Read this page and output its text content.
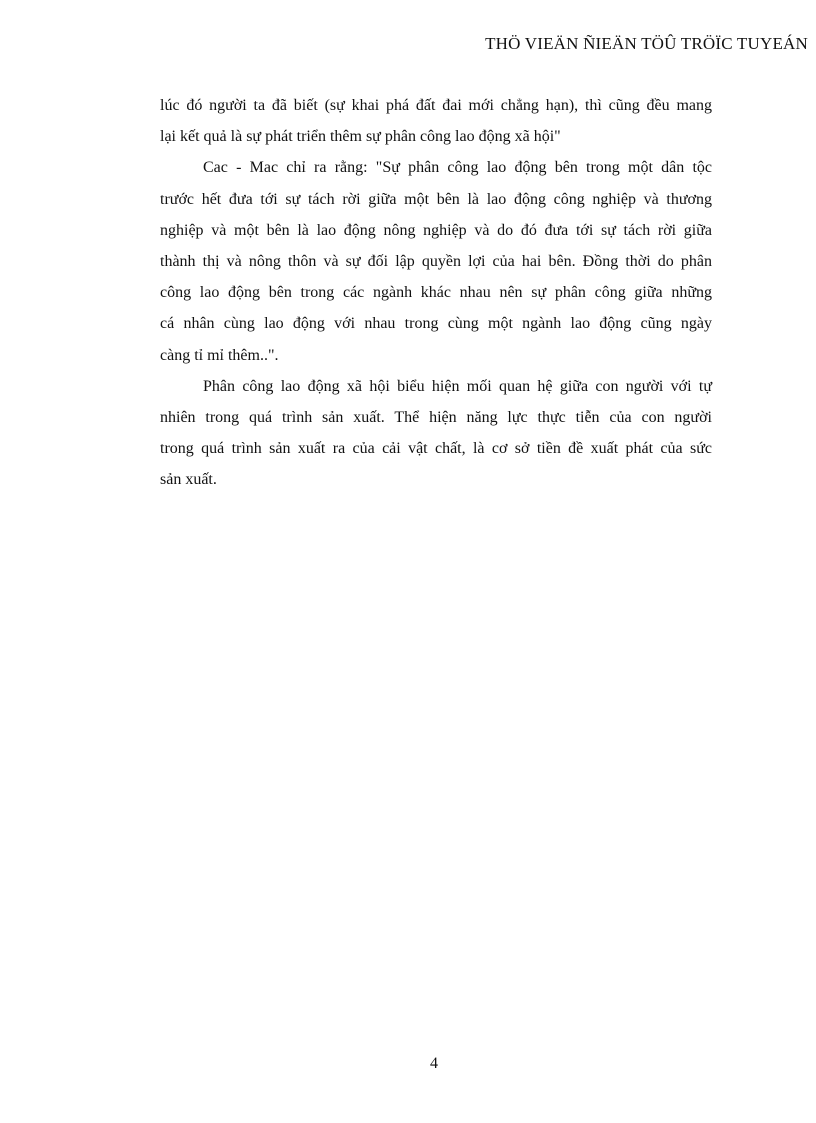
THÖ VIEÄN ÑIEÄN TÖÛ TRÖÏC TUYEÁN
lúc đó người ta đã biết (sự khai phá đất đai mới chẳng hạn), thì cũng đều mang
lại kết quả là sự phát triển thêm sự phân công lao động xã hội"
Cac - Mac chỉ ra rằng: "Sự phân công lao động bên trong một dân tộc
trước hết đưa tới sự tách rời giữa một bên là lao động công nghiệp và thương
nghiệp và một bên là lao động nông nghiệp và do đó đưa tới sự tách rời giữa
thành thị và nông thôn và sự đối lập quyền lợi của hai bên. Đồng thời do phân
công lao động bên trong các ngành khác nhau nên sự phân công giữa những
cá nhân cùng lao động với nhau trong cùng một ngành lao động cũng ngày
càng tỉ mỉ thêm..".
Phân công lao động xã hội biểu hiện mối quan hệ giữa con người với tự
nhiên trong quá trình sản xuất. Thể hiện năng lực thực tiễn của con người
trong quá trình sản xuất ra của cải vật chất, là cơ sở tiền đề xuất phát của sức
sản xuất.
4
